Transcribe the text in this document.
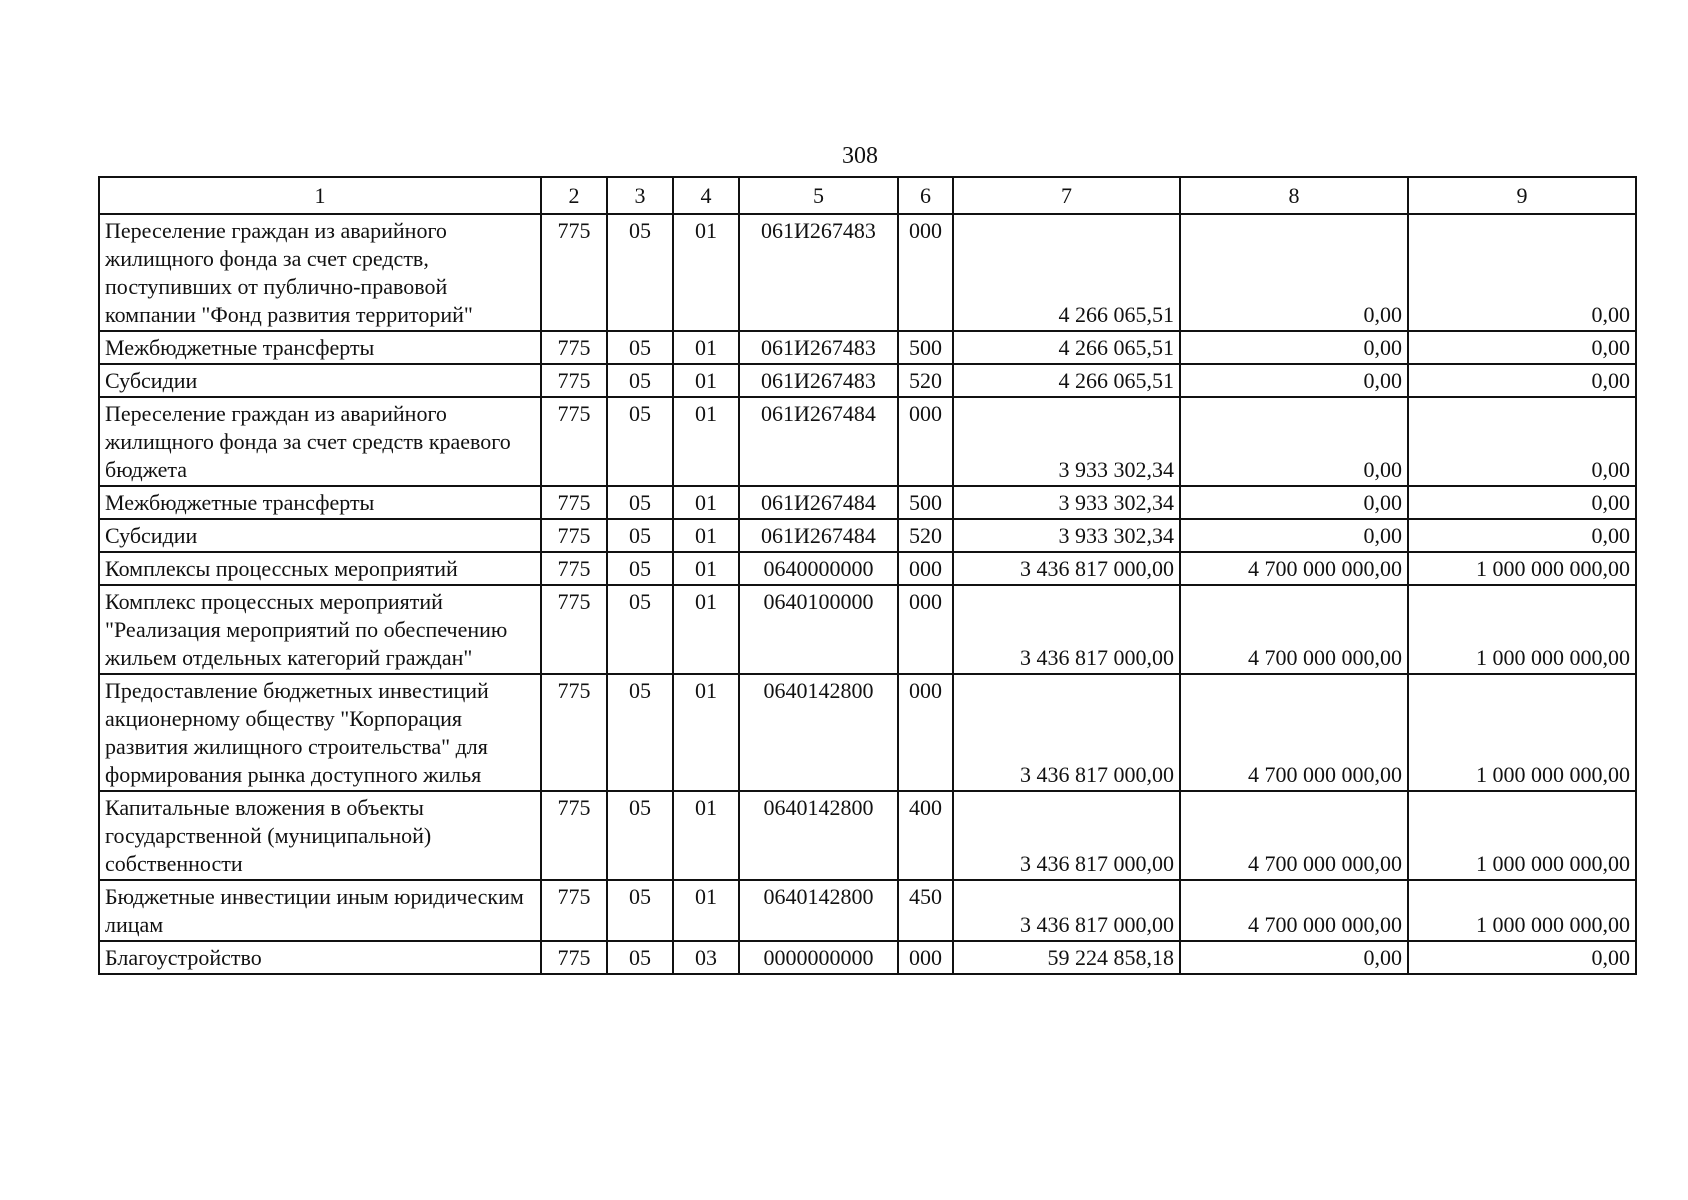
308
1	2	3	4	5	6	7	8	9
Переселение граждан из аварийного жилищного фонда за счет средств, поступивших от публично-правовой компании "Фонд развития территорий"	775	05	01	061И267483	000	4 266 065,51	0,00	0,00
Межбюджетные трансферты	775	05	01	061И267483	500	4 266 065,51	0,00	0,00
Субсидии	775	05	01	061И267483	520	4 266 065,51	0,00	0,00
Переселение граждан из аварийного жилищного фонда за счет средств краевого бюджета	775	05	01	061И267484	000	3 933 302,34	0,00	0,00
Межбюджетные трансферты	775	05	01	061И267484	500	3 933 302,34	0,00	0,00
Субсидии	775	05	01	061И267484	520	3 933 302,34	0,00	0,00
Комплексы процессных мероприятий	775	05	01	0640000000	000	3 436 817 000,00	4 700 000 000,00	1 000 000 000,00
Комплекс процессных мероприятий "Реализация мероприятий по обеспечению жильем отдельных категорий граждан"	775	05	01	0640100000	000	3 436 817 000,00	4 700 000 000,00	1 000 000 000,00
Предоставление бюджетных инвестиций акционерному обществу "Корпорация развития жилищного строительства" для формирования рынка доступного жилья	775	05	01	0640142800	000	3 436 817 000,00	4 700 000 000,00	1 000 000 000,00
Капитальные вложения в объекты государственной (муниципальной) собственности	775	05	01	0640142800	400	3 436 817 000,00	4 700 000 000,00	1 000 000 000,00
Бюджетные инвестиции иным юридическим лицам	775	05	01	0640142800	450	3 436 817 000,00	4 700 000 000,00	1 000 000 000,00
Благоустройство	775	05	03	0000000000	000	59 224 858,18	0,00	0,00
